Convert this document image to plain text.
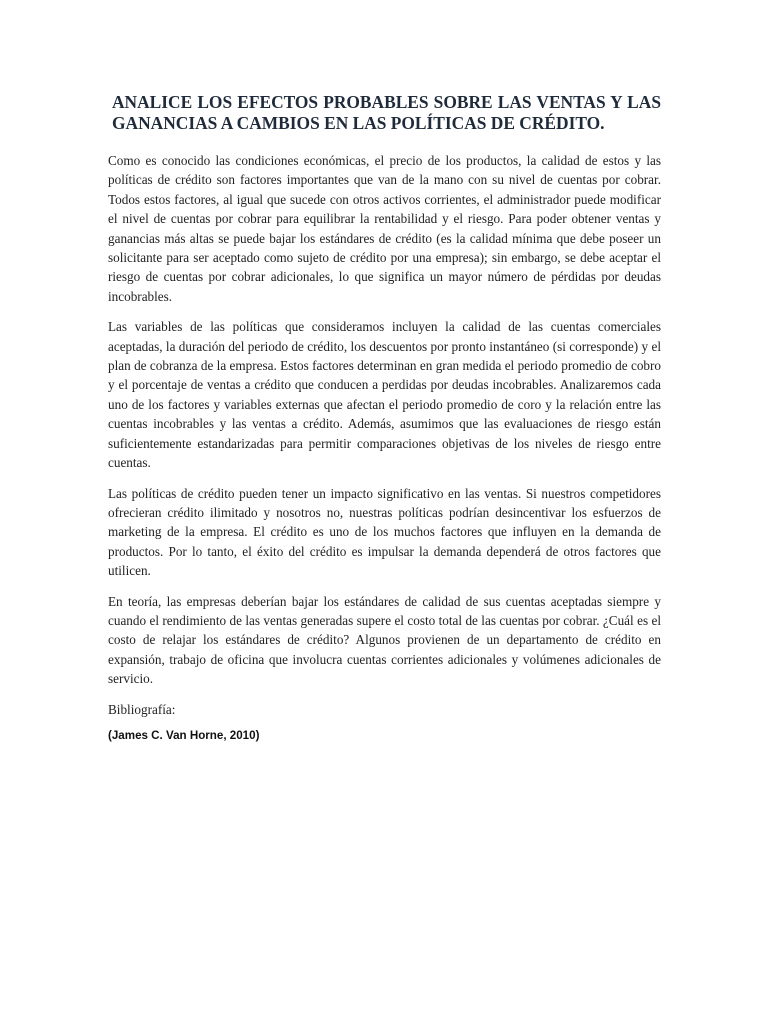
ANALICE LOS EFECTOS PROBABLES SOBRE LAS VENTAS Y LAS GANANCIAS A CAMBIOS EN LAS POLÍTICAS DE CRÉDITO.

Como es conocido las condiciones económicas, el precio de los productos, la calidad de estos y las políticas de crédito son factores importantes que van de la mano con su nivel de cuentas por cobrar. Todos estos factores, al igual que sucede con otros activos corrientes, el administrador puede modificar el nivel de cuentas por cobrar para equilibrar la rentabilidad y el riesgo. Para poder obtener ventas y ganancias más altas se puede bajar los estándares de crédito (es la calidad mínima que debe poseer un solicitante para ser aceptado como sujeto de crédito por una empresa); sin embargo, se debe aceptar el riesgo de cuentas por cobrar adicionales, lo que significa un mayor número de pérdidas por deudas incobrables.

Las variables de las políticas que consideramos incluyen la calidad de las cuentas comerciales aceptadas, la duración del periodo de crédito, los descuentos por pronto instantáneo (si corresponde) y el plan de cobranza de la empresa. Estos factores determinan en gran medida el periodo promedio de cobro y el porcentaje de ventas a crédito que conducen a perdidas por deudas incobrables. Analizaremos cada uno de los factores y variables externas que afectan el periodo promedio de coro y la relación entre las cuentas incobrables y las ventas a crédito. Además, asumimos que las evaluaciones de riesgo están suficientemente estandarizadas para permitir comparaciones objetivas de los niveles de riesgo entre cuentas.

Las políticas de crédito pueden tener un impacto significativo en las ventas. Si nuestros competidores ofrecieran crédito ilimitado y nosotros no, nuestras políticas podrían desincentivar los esfuerzos de marketing de la empresa. El crédito es uno de los muchos factores que influyen en la demanda de productos. Por lo tanto, el éxito del crédito es impulsar la demanda dependerá de otros factores que utilicen.

En teoría, las empresas deberían bajar los estándares de calidad de sus cuentas aceptadas siempre y cuando el rendimiento de las ventas generadas supere el costo total de las cuentas por cobrar. ¿Cuál es el costo de relajar los estándares de crédito? Algunos provienen de un departamento de crédito en expansión, trabajo de oficina que involucra cuentas corrientes adicionales y volúmenes adicionales de servicio.

Bibliografía:

(James C. Van Horne, 2010)
